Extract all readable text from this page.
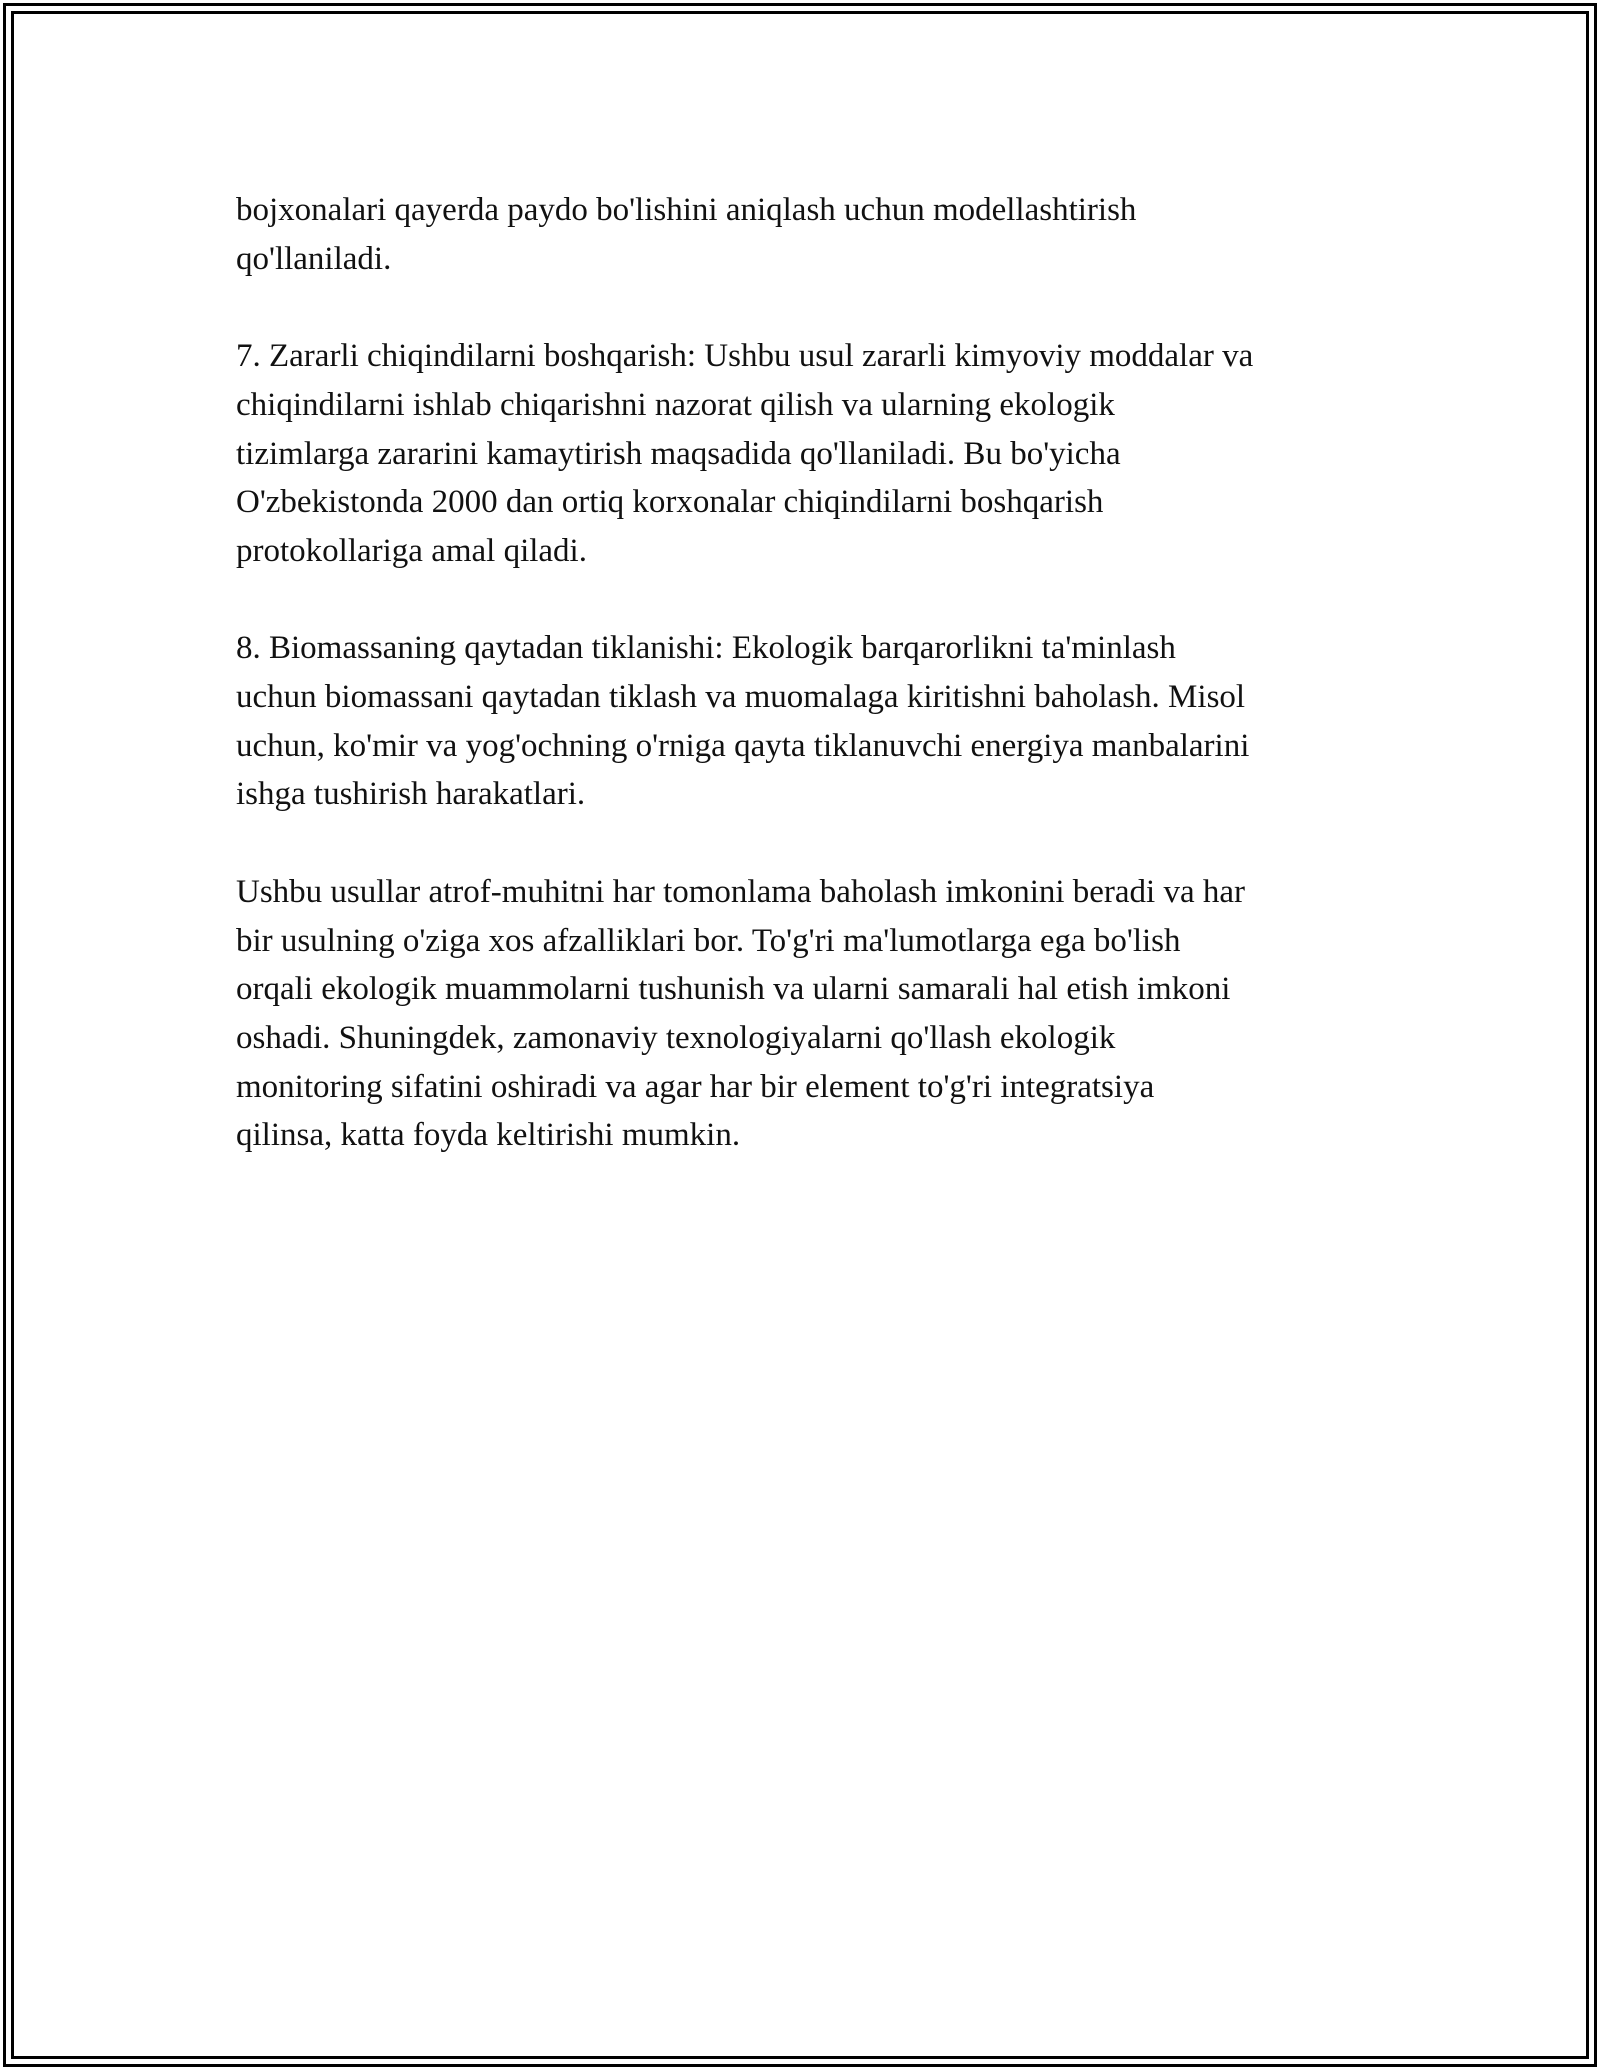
bojxonalari qayerda paydo bo'lishini aniqlash uchun modellashtirish
qo'llaniladi.

7. Zararli chiqindilarni boshqarish: Ushbu usul zararli kimyoviy moddalar va
chiqindilarni ishlab chiqarishni nazorat qilish va ularning ekologik
tizimlarga zararini kamaytirish maqsadida qo'llaniladi. Bu bo'yicha
O'zbekistonda 2000 dan ortiq korxonalar chiqindilarni boshqarish
protokollariga amal qiladi.

8. Biomassaning qaytadan tiklanishi: Ekologik barqarorlikni ta'minlash
uchun biomassani qaytadan tiklash va muomalaga kiritishni baholash. Misol
uchun, ko'mir va yog'ochning o'rniga qayta tiklanuvchi energiya manbalarini
ishga tushirish harakatlari.

Ushbu usullar atrof-muhitni har tomonlama baholash imkonini beradi va har
bir usulning o'ziga xos afzalliklari bor. To'g'ri ma'lumotlarga ega bo'lish
orqali ekologik muammolarni tushunish va ularni samarali hal etish imkoni
oshadi. Shuningdek, zamonaviy texnologiyalarni qo'llash ekologik
monitoring sifatini oshiradi va agar har bir element to'g'ri integratsiya
qilinsa, katta foyda keltirishi mumkin.
